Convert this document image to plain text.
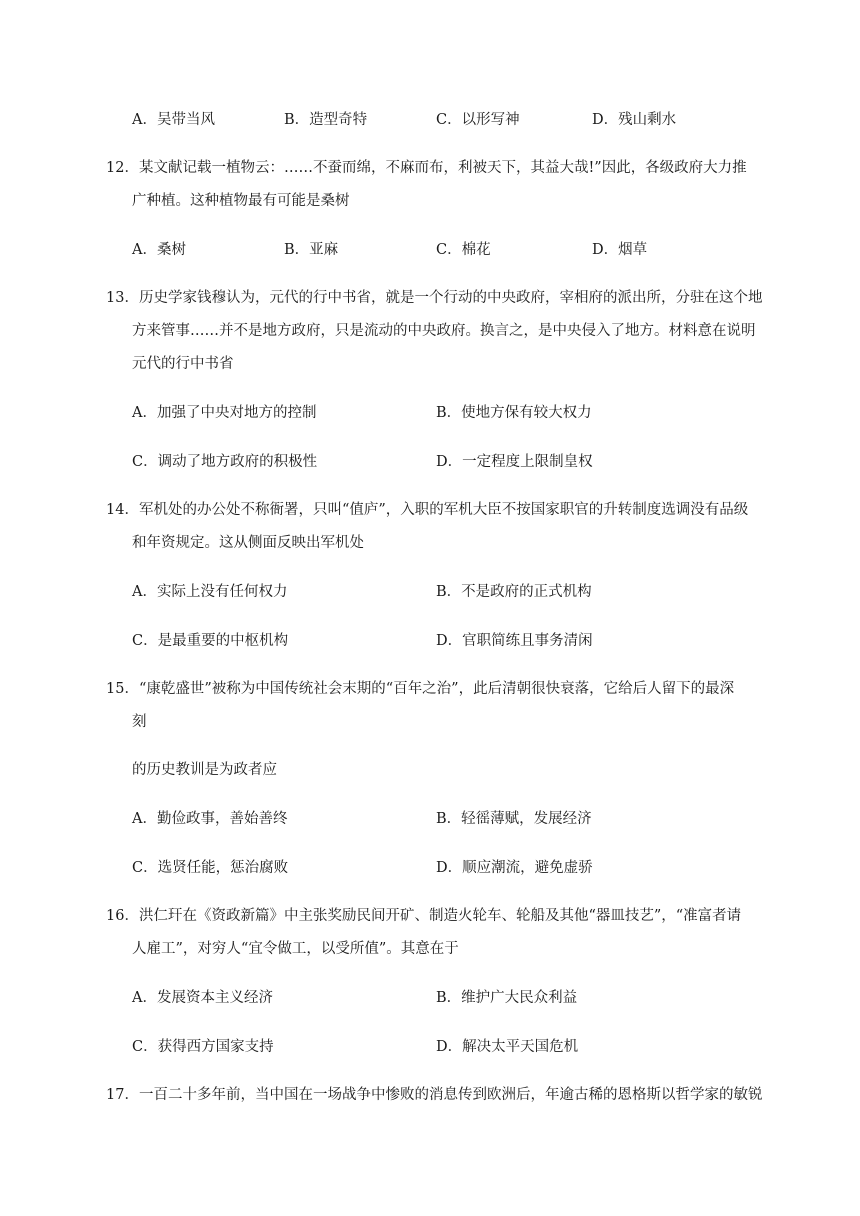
A．吴带当风	B．造型奇特	C．以形写神	D．残山剩水
12．某文献记载一植物云：……不蚕而绵，不麻而布，利被天下，其益大哉!”因此，各级政府大力推
广种植。这种植物最有可能是桑树
A．桑树	B．亚麻	C．棉花	D．烟草
13．历史学家钱穆认为，元代的行中书省，就是一个行动的中央政府，宰相府的派出所，分驻在这个地
方来管事……并不是地方政府，只是流动的中央政府。换言之，是中央侵入了地方。材料意在说明
元代的行中书省
A．加强了中央对地方的控制	B．使地方保有较大权力
C．调动了地方政府的积极性	D．一定程度上限制皇权
14．军机处的办公处不称衙署，只叫“值庐”，入职的军机大臣不按国家职官的升转制度选调没有品级
和年资规定。这从侧面反映出军机处
A．实际上没有任何权力	B．不是政府的正式机构
C．是最重要的中枢机构	D．官职简练且事务清闲
15．“康乾盛世”被称为中国传统社会末期的“百年之治”，此后清朝很快衰落，它给后人留下的最深
刻
的历史教训是为政者应
A．勤俭政事，善始善终	B．轻徭薄赋，发展经济
C．选贤任能，惩治腐败	D．顺应潮流，避免虚骄
16．洪仁玕在《资政新篇》中主张奖励民间开矿、制造火轮车、轮船及其他“器皿技艺”，“准富者请
人雇工”，对穷人“宜令做工，以受所值”。其意在于
A．发展资本主义经济	B．维护广大民众利益
C．获得西方国家支持	D．解决太平天国危机
17．一百二十多年前，当中国在一场战争中惨败的消息传到欧洲后，年逾古稀的恩格斯以哲学家的敏锐
